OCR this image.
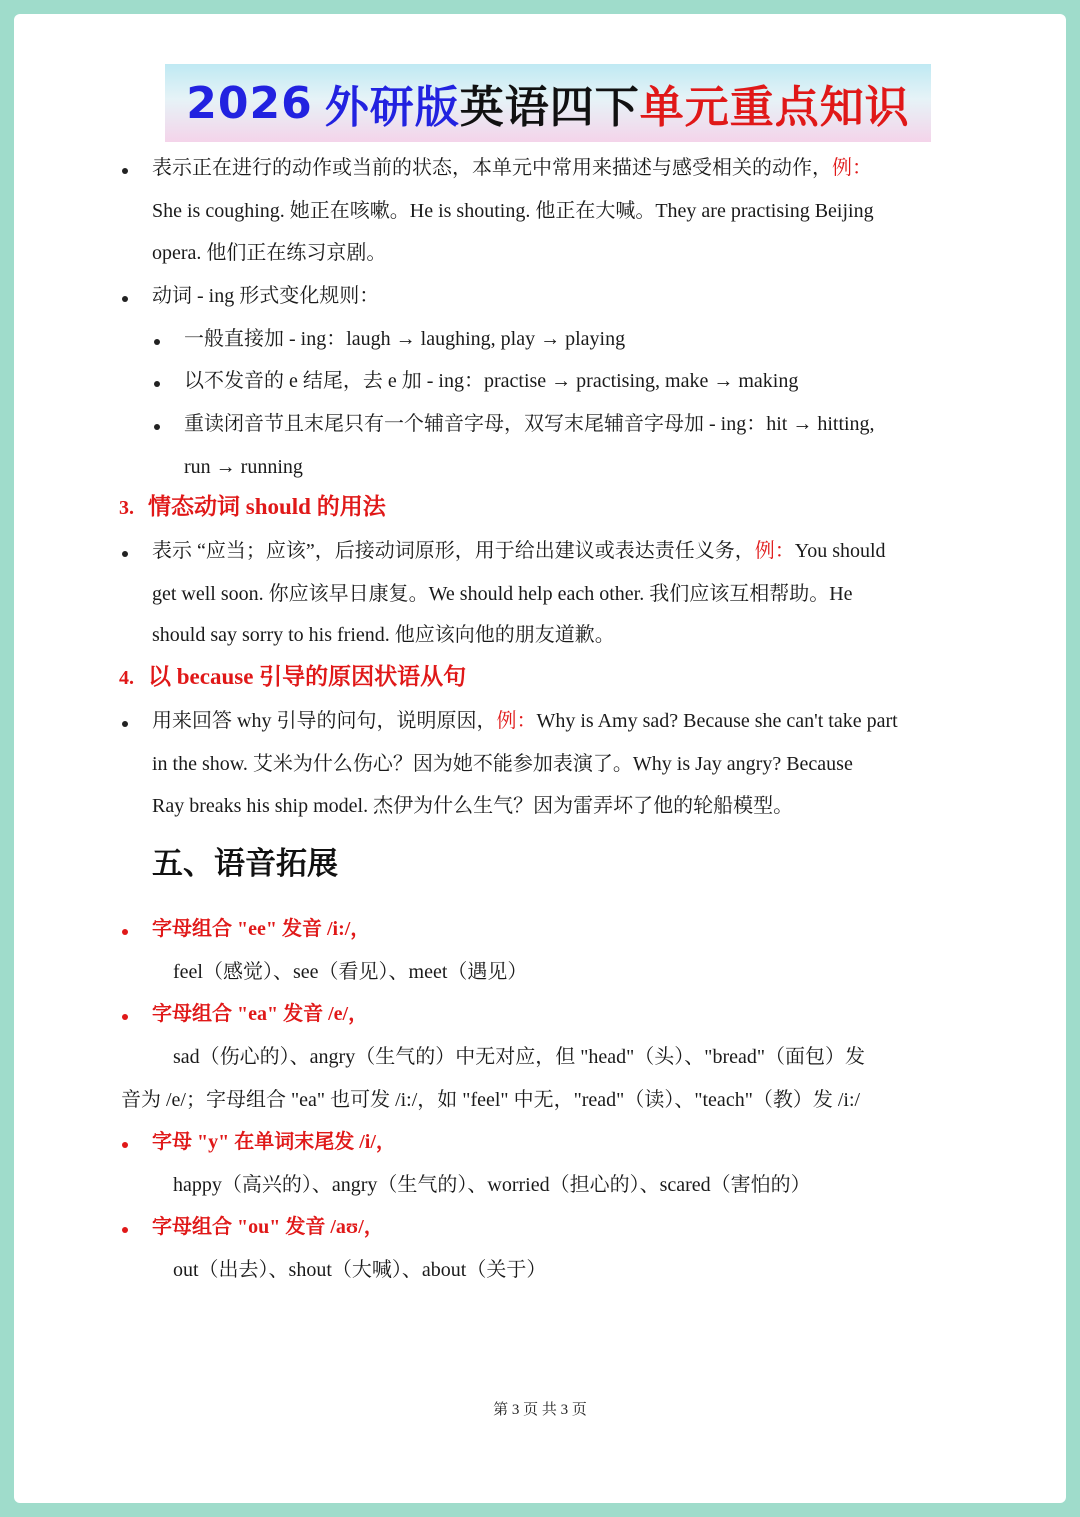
2026 外研版 英语四下 单元重点知识
表示正在进行的动作或当前的状态，本单元中常用来描述与感受相关的动作，例：
She is coughing. 她正在咳嗽。He is shouting. 他正在大喊。They are practising Beijing
opera. 他们正在练习京剧。
动词 - ing 形式变化规则：
一般直接加 - ing：laugh → laughing, play → playing
以不发音的 e 结尾，去 e 加 - ing：practise → practising, make → making
重读闭音节且末尾只有一个辅音字母，双写末尾辅音字母加 - ing：hit → hitting,
run → running
3. 情态动词 should 的用法
表示 “应当；应该”，后接动词原形，用于给出建议或表达责任义务，例：You should
get well soon. 你应该早日康复。We should help each other. 我们应该互相帮助。He
should say sorry to his friend. 他应该向他的朋友道歉。
4. 以 because 引导的原因状语从句
用来回答 why 引导的问句，说明原因，例：Why is Amy sad? Because she can't take part
in the show. 艾米为什么伤心？因为她不能参加表演了。Why is Jay angry? Because
Ray breaks his ship model. 杰伊为什么生气？因为雷弄坏了他的轮船模型。
五、语音拓展
字母组合 "ee" 发音 /i:/，
feel（感觉）、see（看见）、meet（遇见）
字母组合 "ea" 发音 /e/，
sad（伤心的）、angry（生气的）中无对应，但 "head"（头）、"bread"（面包）发
音为 /e/；字母组合 "ea" 也可发 /i:/，如 "feel" 中无，"read"（读）、"teach"（教）发 /i:/
字母 "y" 在单词末尾发 /i/，
happy（高兴的）、angry（生气的）、worried（担心的）、scared（害怕的）
字母组合 "ou" 发音 /aʊ/，
out（出去）、shout（大喊）、about（关于）
第 3 页 共 3 页
